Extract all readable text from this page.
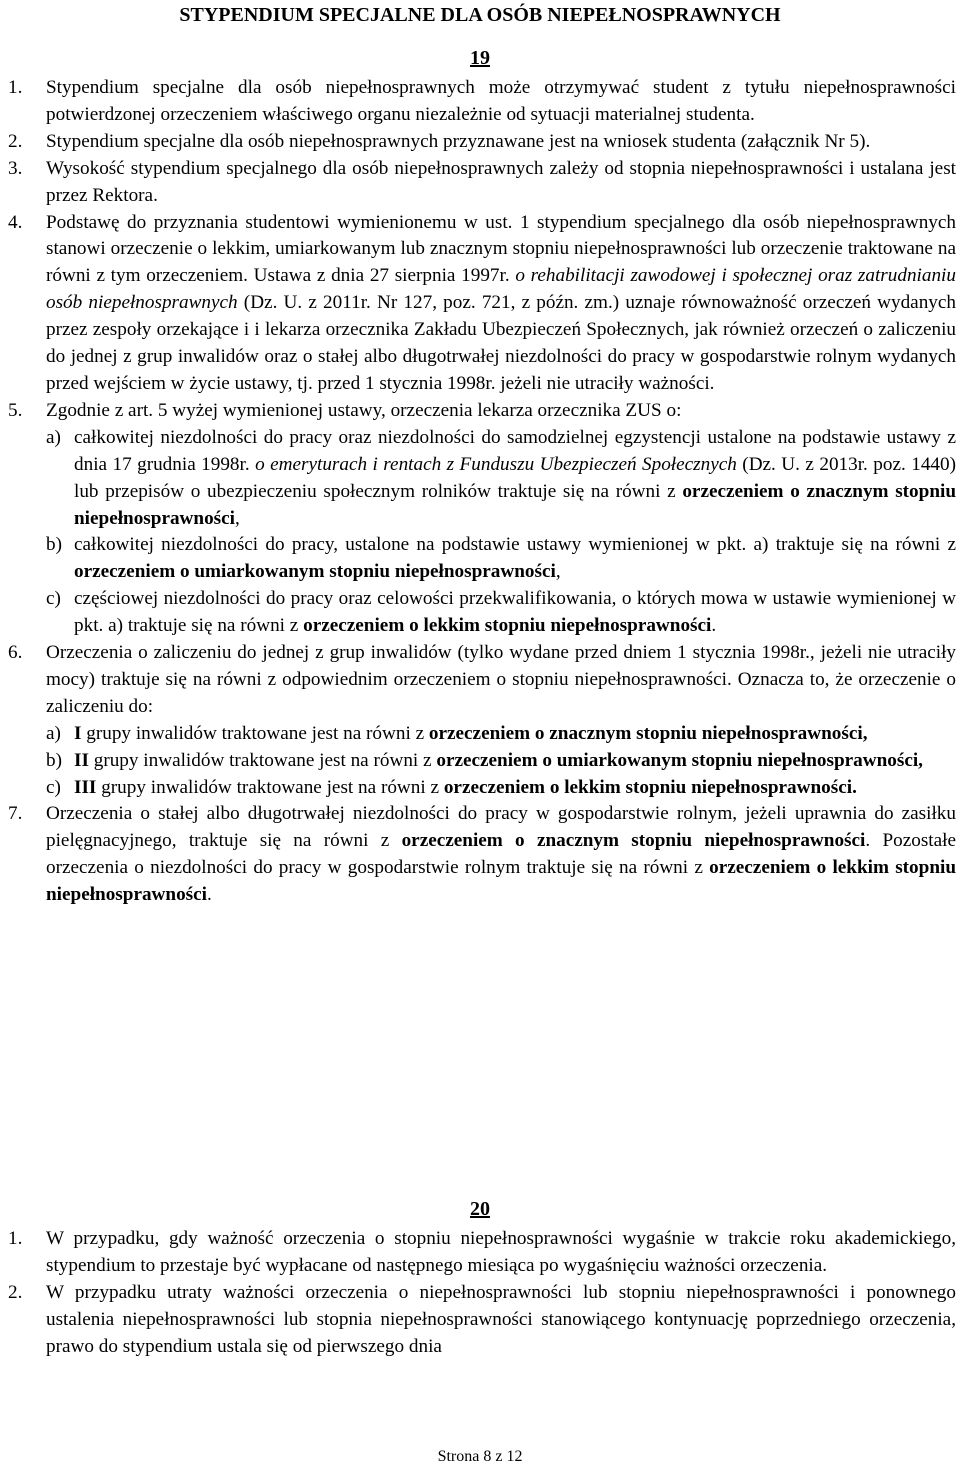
STYPENDIUM SPECJALNE DLA OSÓB NIEPEŁNOSPRAWNYCH
19

1. Stypendium specjalne dla osób niepełnosprawnych może otrzymywać student z tytułu niepełnosprawności potwierdzonej orzeczeniem właściwego organu niezależnie od sytuacji materialnej studenta.

2. Stypendium specjalne dla osób niepełnosprawnych przyznawane jest na wniosek studenta (załącznik Nr 5).

3. Wysokość stypendium specjalnego dla osób niepełnosprawnych zależy od stopnia niepełnosprawności i ustalana jest przez Rektora.

4. Podstawę do przyznania studentowi wymienionemu w ust. 1 stypendium specjalnego dla osób niepełnosprawnych stanowi orzeczenie o lekkim, umiarkowanym lub znacznym stopniu niepełnosprawności lub orzeczenie traktowane na równi z tym orzeczeniem. Ustawa z dnia 27 sierpnia 1997r. o rehabilitacji zawodowej i społecznej oraz zatrudnianiu osób niepełnosprawnych (Dz. U. z 2011r. Nr 127, poz. 721, z późn. zm.) uznaje równoważność orzeczeń wydanych przez zespoły orzekające i i lekarza orzecznika Zakładu Ubezpieczeń Społecznych, jak również orzeczeń o zaliczeniu do jednej z grup inwalidów oraz o stałej albo długotrwałej niezdolności do pracy w gospodarstwie rolnym wydanych przed wejściem w życie ustawy, tj. przed 1 stycznia 1998r. jeżeli nie utraciły ważności.

5. Zgodnie z art. 5 wyżej wymienionej ustawy, orzeczenia lekarza orzecznika ZUS o:

a) całkowitej niezdolności do pracy oraz niezdolności do samodzielnej egzystencji ustalone na podstawie ustawy z dnia 17 grudnia 1998r. o emeryturach i rentach z Funduszu Ubezpieczeń Społecznych (Dz. U. z 2013r. poz. 1440) lub przepisów o ubezpieczeniu społecznym rolników traktuje się na równi z orzeczeniem o znacznym stopniu niepełnosprawności,

b) całkowitej niezdolności do pracy, ustalone na podstawie ustawy wymienionej w pkt. a) traktuje się na równi z orzeczeniem o umiarkowanym stopniu niepełnosprawności,

c) częściowej niezdolności do pracy oraz celowości przekwalifikowania, o których mowa w ustawie wymienionej w pkt. a) traktuje się na równi z orzeczeniem o lekkim stopniu niepełnosprawności.

6. Orzeczenia o zaliczeniu do jednej z grup inwalidów (tylko wydane przed dniem 1 stycznia 1998r., jeżeli nie utraciły mocy) traktuje się na równi z odpowiednim orzeczeniem o stopniu niepełnosprawności. Oznacza to, że orzeczenie o zaliczeniu do:

a) I grupy inwalidów traktowane jest na równi z orzeczeniem o znacznym stopniu niepełnosprawności,

b) II grupy inwalidów traktowane jest na równi z orzeczeniem o umiarkowanym stopniu niepełnosprawności,

c) III grupy inwalidów traktowane jest na równi z orzeczeniem o lekkim stopniu niepełnosprawności.

7. Orzeczenia o stałej albo długotrwałej niezdolności do pracy w gospodarstwie rolnym, jeżeli uprawnia do zasiłku pielęgnacyjnego, traktuje się na równi z orzeczeniem o znacznym stopniu niepełnosprawności. Pozostałe orzeczenia o niezdolności do pracy w gospodarstwie rolnym traktuje się na równi z orzeczeniem o lekkim stopniu niepełnosprawności.

20

1. W przypadku, gdy ważność orzeczenia o stopniu niepełnosprawności wygaśnie w trakcie roku akademickiego, stypendium to przestaje być wypłacane od następnego miesiąca po wygaśnięciu ważności orzeczenia.

2. W przypadku utraty ważności orzeczenia o niepełnosprawności lub stopniu niepełnosprawności i ponownego ustalenia niepełnosprawności lub stopnia niepełnosprawności stanowiącego kontynuację poprzedniego orzeczenia, prawo do stypendium ustala się od pierwszego dnia

Strona 8 z 12
